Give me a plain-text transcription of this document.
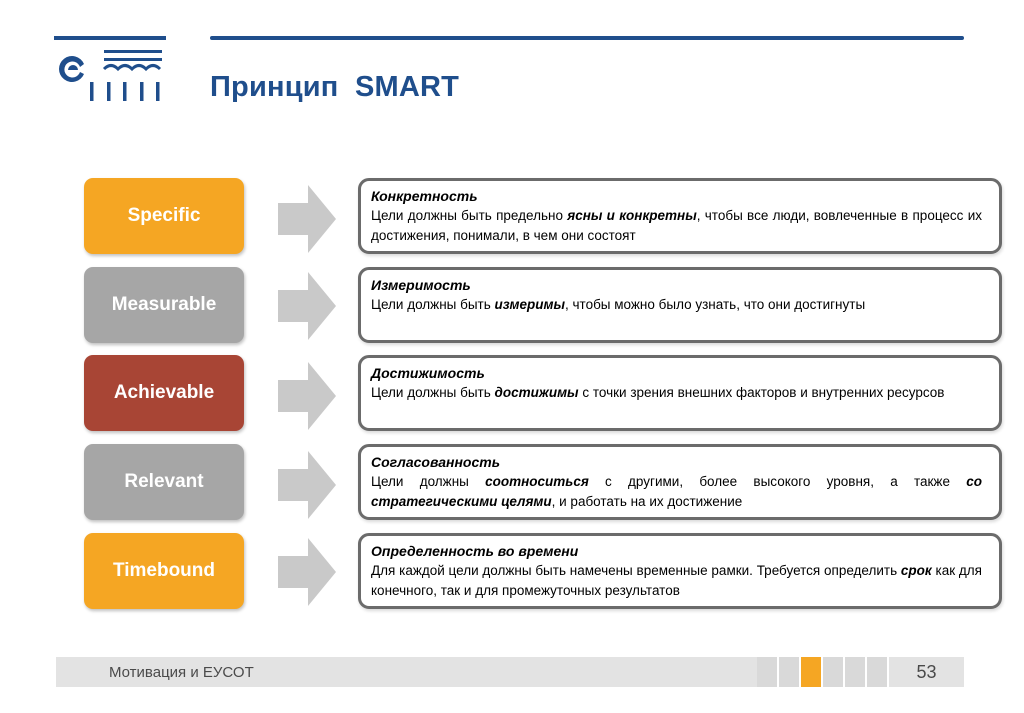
Принцип  SMART
Specific
Конкретность
Цели должны быть предельно ясны и конкретны, чтобы все люди, вовлеченные в процесс их достижения, понимали, в чем они состоят
Measurable
Измеримость
Цели должны быть измеримы, чтобы можно было узнать, что они достигнуты
Achievable
Достижимость
Цели должны быть достижимы с точки зрения внешних факторов и внутренних ресурсов
Relevant
Согласованность
Цели должны соотноситься с другими, более высокого уровня, а также со стратегическими целями, и работать на их достижение
Timebound
Определенность во времени
Для каждой цели должны быть намечены временные рамки. Требуется определить срок как для конечного, так и для промежуточных результатов
Мотивация и ЕУСОТ	53
